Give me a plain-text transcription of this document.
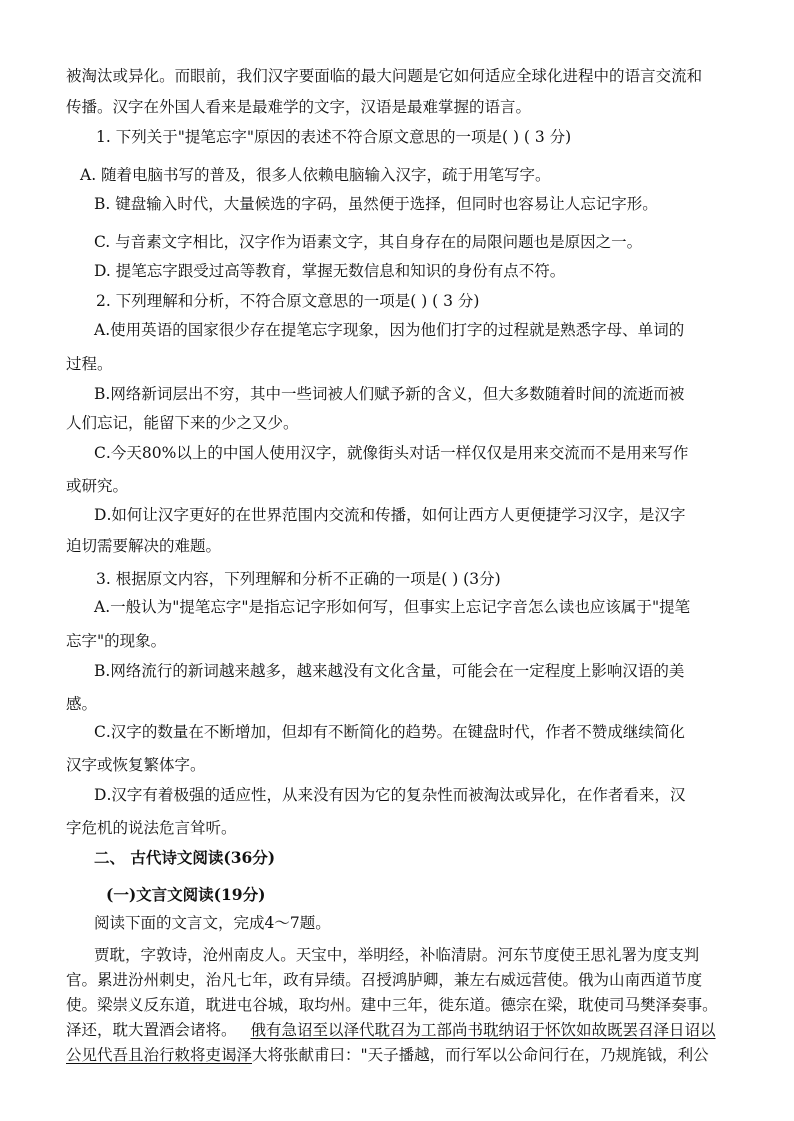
被淘汰或异化。而眼前，我们汉字要面临的最大问题是它如何适应全球化进程中的语言交流和
传播。汉字在外国人看来是最难学的文字，汉语是最难掌握的语言。
1. 下列关于"提笔忘字"原因的表述不符合原文意思的一项是( ) ( 3 分)
A. 随着电脑书写的普及，很多人依赖电脑输入汉字，疏于用笔写字。
B. 键盘输入时代，大量候选的字码，虽然便于选择，但同时也容易让人忘记字形。
C. 与音素文字相比，汉字作为语素文字，其自身存在的局限问题也是原因之一。
D. 提笔忘字跟受过高等教育，掌握无数信息和知识的身份有点不符。
2. 下列理解和分析，不符合原文意思的一项是( ) ( 3 分)
A.使用英语的国家很少存在提笔忘字现象，因为他们打字的过程就是熟悉字母、单词的
过程。
B.网络新词层出不穷，其中一些词被人们赋予新的含义，但大多数随着时间的流逝而被
人们忘记，能留下来的少之又少。
C.今天80%以上的中国人使用汉字，就像街头对话一样仅仅是用来交流而不是用来写作
或研究。
D.如何让汉字更好的在世界范围内交流和传播，如何让西方人更便捷学习汉字，是汉字
迫切需要解决的难题。
3. 根据原文内容，下列理解和分析不正确的一项是( ) (3分)
A.一般认为"提笔忘字"是指忘记字形如何写，但事实上忘记字音怎么读也应该属于"提笔
忘字"的现象。
B.网络流行的新词越来越多，越来越没有文化含量，可能会在一定程度上影响汉语的美
感。
C.汉字的数量在不断增加，但却有不断简化的趋势。在键盘时代，作者不赞成继续简化
汉字或恢复繁体字。
D.汉字有着极强的适应性，从来没有因为它的复杂性而被淘汰或异化，在作者看来，汉
字危机的说法危言耸听。
二、 古代诗文阅读(36分)
(一)文言文阅读(19分)
阅读下面的文言文，完成4～7题。
贾耽，字敦诗，沧州南皮人。天宝中，举明经，补临清尉。河东节度使王思礼署为度支判
官。累进汾州刺史，治凡七年，政有异绩。召授鸿胪卿，兼左右威远营使。俄为山南西道节度
使。梁崇义反东道，耽进屯谷城，取均州。建中三年，徙东道。德宗在梁，耽使司马樊泽奏事。
泽还，耽大置酒会诸将。 俄有急诏至以泽代耽召为工部尚书耽纳诏于怀饮如故既罢召泽日诏以
公见代吾且治行敕将吏谒泽大将张献甫曰："天子播越，而行军以公命问行在，乃规旄钺，利公
